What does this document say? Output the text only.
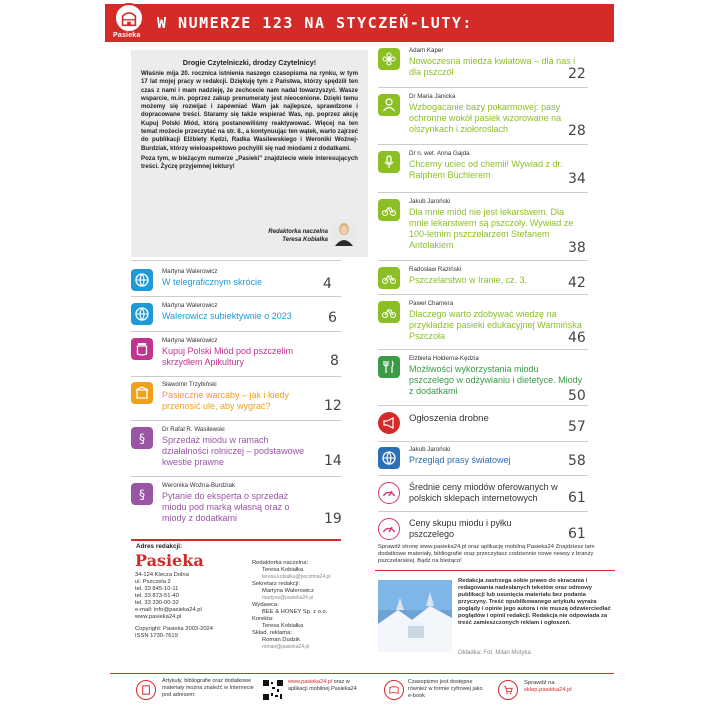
Pasieka
W NUMERZE 123 NA STYCZEŃ-LUTY:
Drogie Czytelniczki, drodzy Czytelnicy!
Właśnie mija 20. rocznica istnienia naszego czasopisma na rynku, w tym 17 lat mojej pracy w redakcji. Dziękuję tym z Państwa, którzy spędzili ten czas z nami i mam nadzieję, że zechcecie nam nadal towarzyszyć. Wasze wsparcie, m.in. poprzez zakup prenumeraty jest nieocenione. Dzięki temu możemy się rozwijać i zapewniać Wam jak najlepsze, sprawdzone i dopracowane treści. Staramy się także wspierać Was, np. poprzez akcję Kupuj Polski Miód, którą postanowiliśmy reaktywować. Więcej na ten temat możecie przeczytać na str. 8., a kontynuując ten wątek, warto zajrzeć do publikacji Elżbiety Kędzi, Radka Wasilewskiego i Weroniki Woźnej-Burdziak, którzy wieloaspektowo pochylili się nad miodami z dodatkami.
Poza tym, w bieżącym numerze „Pasieki" znajdziecie wiele interesujących treści. Życzę przyjemnej lektury!
Redaktorka naczelna
Teresa Kobiałka
Martyna Walerowicz
W telegraficznym skrócie	4
Martyna Walerowicz
Walerowicz subiektywnie o 2023	6
Martyna Walerowicz
Kupuj Polski Miód pod pszczelim skrzydłem Apikultury	8
Sławomir Trzybiński
Pasieczne warcaby – jak i kiedy przenosić ule, aby wygrać?	12
§
Dr Rafał R. Wasilewski
Sprzedaż miodu w ramach działalności rolniczej – podstawowe kwestie prawne	14
§
Weronika Woźna-Burdziak
Pytanie do eksperta o sprzedaż miodu pod marką własną oraz o miody z dodatkami	19
Adam Kaper
Nowoczesna miedza kwiatowa – dla nas i dla pszczół	22
Dr Maria Janicka
Wzbogacanie bazy pokarmowej: pasy ochronne wokół pasiek wzorowane na olszynkach i ziołoroślach	28
Dr n. wet. Anna Gajda
Chcemy uciec od chemii! Wywiad z dr. Ralphem Büchlerem	34
Jakub Jaroński
Dla mnie miód nie jest lekarstwem. Dla mnie lekarstwem są pszczoły. Wywiad ze 100-letnim pszczelarzem Stefanem Antolakiem	38
Radosław Raziński
Pszczelarstwo w Iranie, cz. 3.	42
Paweł Chamera
Dlaczego warto zdobywać wiedzę na przykładzie pasieki edukacyjnej Warmińska Pszczoła	46
Elżbieta Hołderna-Kędzia
Możliwości wykorzystania miodu pszczelego w odżywianiu i dietetyce. Miody z dodatkami	50
Ogłoszenia drobne
57
Jakub Jaroński
Przegląd prasy światowej	58
Średnie ceny miodów oferowanych w polskich sklepach internetowych	61
Ceny skupu miodu i pyłku pszczelego	61
Adres redakcji:
Pasieka
34-124 Klecza Dolna
ul. Pszczela 2
tel. 33 845-10-11
tel. 33 873-51-40
tel. 33 330-00-32
e-mail: info@pasieka24.pl
www.pasieka24.pl
Copyright: Pasieka 2003-2024
ISSN 1730-7619
Redaktorka naczelna:
Teresa Kobiałka
teresa.kobialka@pocztma24.pl
Sekretarz redakcji:
Martyna Walerowicz
martyna@pasieka24.pl
Wydawca:
BEE & HONEY Sp. z o.o.
Korekta:
Teresa Kobiałka
Skład, reklama:
Roman Dudzik
roman@pasieka24.pl
Sprawdź stronę www.pasieka24.pl oraz aplikację mobilną Pasieka24 Znajdziesz tam dodatkowe materiały, bibliografie oraz przeczytasz codziennie nowe newsy z branży pszczelarskiej. Bądź na bieżąco!
Redakcja zastrzega sobie prawo do skracania i redagowania nadesłanych tekstów oraz odmowy publikacji lub usunięcia materiału bez podania przyczyny. Treść opublikowanego artykułu wyraża poglądy i opinie jego autora i nie muszą odzwierciedlać poglądów i opinii redakcji. Redakcja nie odpowiada za treść zamieszczonych reklam i ogłoszeń.
Okładka: Fot. Milan Motyka
Artykuły, bibliografie oraz dodatkowe materiały można znaleźć w Internecie pod adresem:
www.pasieka24.pl oraz w aplikacji mobilnej Pasieka24
Czasopismo jest dostępne również w formie cyfrowej jako e-book
Sprawdź na
sklep.pasieka24.pl
